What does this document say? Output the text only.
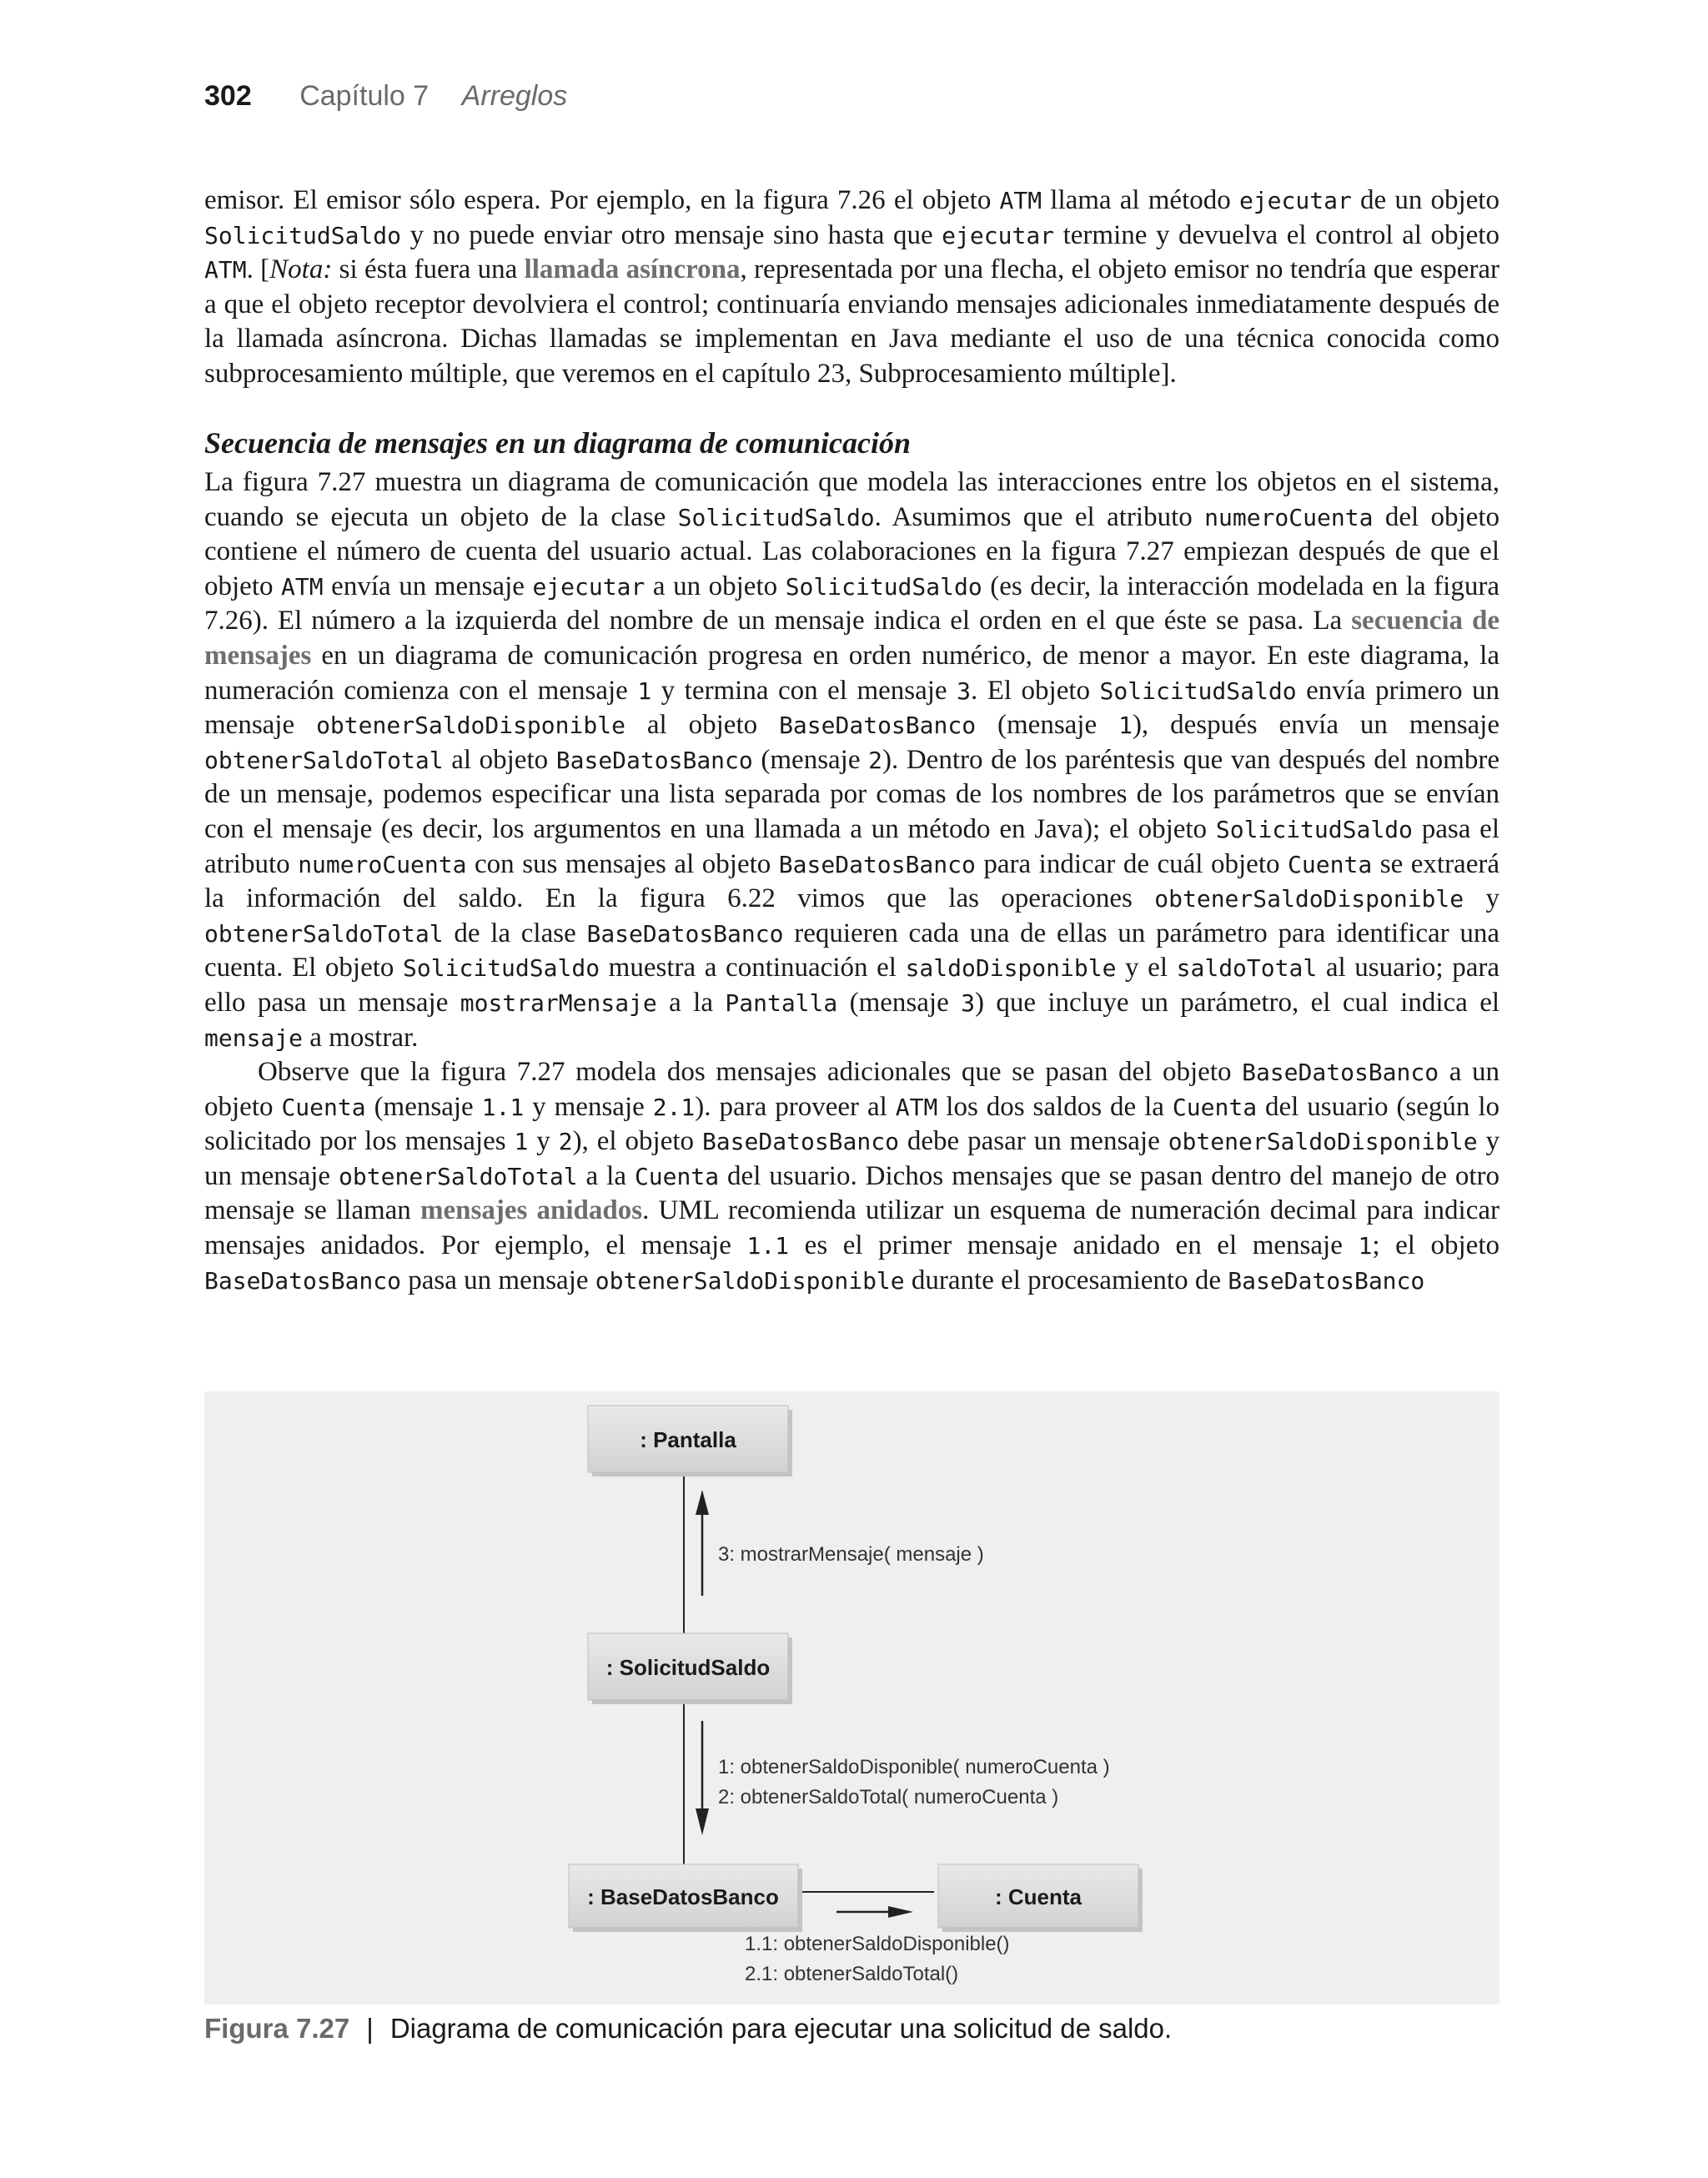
302 Capítulo 7 Arreglos

emisor. El emisor sólo espera. Por ejemplo, en la figura 7.26 el objeto ATM llama al método ejecutar de un objeto SolicitudSaldo y no puede enviar otro mensaje sino hasta que ejecutar termine y devuelva el control al objeto ATM. [Nota: si ésta fuera una llamada asíncrona, representada por una flecha, el objeto emisor no tendría que esperar a que el objeto receptor devolviera el control; continuaría enviando mensajes adicionales inmediatamente después de la llamada asíncrona. Dichas llamadas se implementan en Java mediante el uso de una técnica conocida como subprocesamiento múltiple, que veremos en el capítulo 23, Subprocesamiento múltiple].

Secuencia de mensajes en un diagrama de comunicación

La figura 7.27 muestra un diagrama de comunicación que modela las interacciones entre los objetos en el sistema, cuando se ejecuta un objeto de la clase SolicitudSaldo. Asumimos que el atributo numeroCuenta del objeto contiene el número de cuenta del usuario actual. Las colaboraciones en la figura 7.27 empiezan después de que el objeto ATM envía un mensaje ejecutar a un objeto SolicitudSaldo (es decir, la interacción modelada en la figura 7.26). El número a la izquierda del nombre de un mensaje indica el orden en el que éste se pasa. La secuencia de mensajes en un diagrama de comunicación progresa en orden numérico, de menor a mayor. En este diagrama, la numeración comienza con el mensaje 1 y termina con el mensaje 3. El objeto SolicitudSaldo envía primero un mensaje obtenerSaldoDisponible al objeto BaseDatosBanco (mensaje 1), después envía un mensaje obtenerSaldoTotal al objeto BaseDatosBanco (mensaje 2). Dentro de los paréntesis que van después del nombre de un mensaje, podemos especificar una lista separada por comas de los nombres de los parámetros que se envían con el mensaje (es decir, los argumentos en una llamada a un método en Java); el objeto SolicitudSaldo pasa el atributo numeroCuenta con sus mensajes al objeto BaseDatosBanco para indicar de cuál objeto Cuenta se extraerá la información del saldo. En la figura 6.22 vimos que las operaciones obtenerSaldoDisponible y obtenerSaldoTotal de la clase BaseDatosBanco requieren cada una de ellas un parámetro para identificar una cuenta. El objeto SolicitudSaldo muestra a continuación el saldoDisponible y el saldoTotal al usuario; para ello pasa un mensaje mostrarMensaje a la Pantalla (mensaje 3) que incluye un parámetro, el cual indica el mensaje a mostrar.

Observe que la figura 7.27 modela dos mensajes adicionales que se pasan del objeto BaseDatosBanco a un objeto Cuenta (mensaje 1.1 y mensaje 2.1). para proveer al ATM los dos saldos de la Cuenta del usuario (según lo solicitado por los mensajes 1 y 2), el objeto BaseDatosBanco debe pasar un mensaje obtenerSaldoDisponible y un mensaje obtenerSaldoTotal a la Cuenta del usuario. Dichos mensajes que se pasan dentro del manejo de otro mensaje se llaman mensajes anidados. UML recomienda utilizar un esquema de numeración decimal para indicar mensajes anidados. Por ejemplo, el mensaje 1.1 es el primer mensaje anidado en el mensaje 1; el objeto BaseDatosBanco pasa un mensaje obtenerSaldoDisponible durante el procesamiento de BaseDatosBanco

: Pantalla
: SolicitudSaldo
: BaseDatosBanco	: Cuenta
3: mostrarMensaje( mensaje )
1: obtenerSaldoDisponible( numeroCuenta )
2: obtenerSaldoTotal( numeroCuenta )
1.1: obtenerSaldoDisponible()
2.1: obtenerSaldoTotal()
Figura 7.27 | Diagrama de comunicación para ejecutar una solicitud de saldo.
